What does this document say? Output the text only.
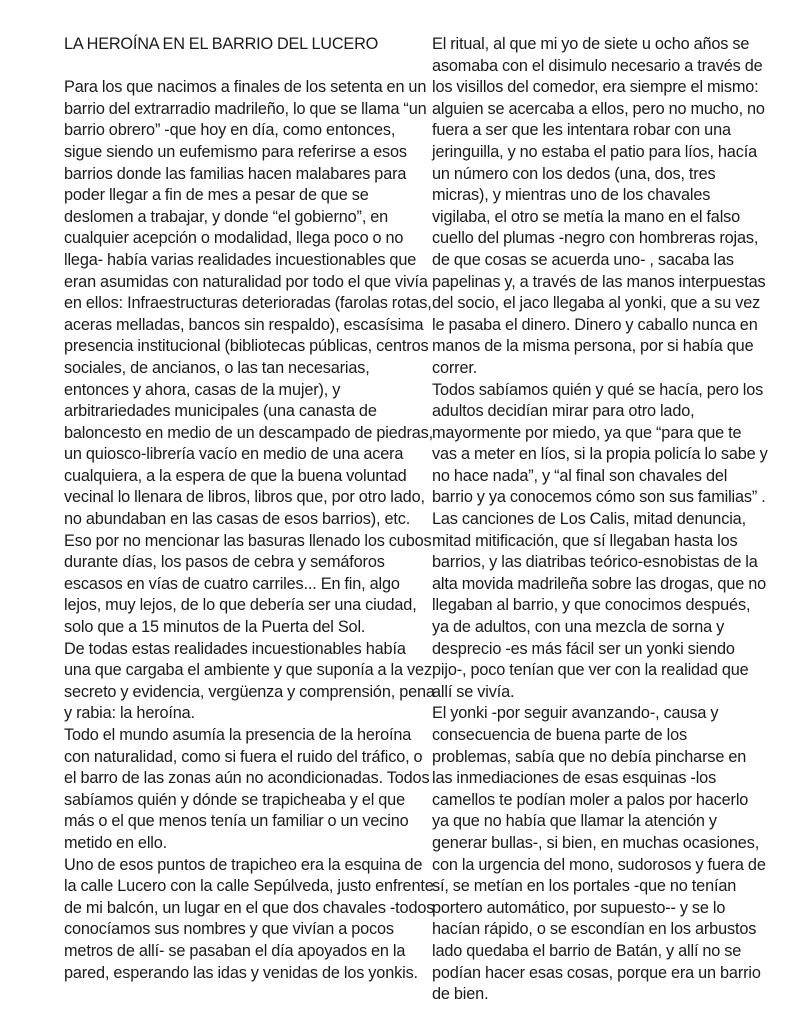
LA HEROÍNA EN EL BARRIO DEL LUCERO

Para los que nacimos a finales de los setenta en un barrio del extrarradio madrileño, lo que se llama “un barrio obrero” -que hoy en día, como entonces, sigue siendo un eufemismo para referirse a esos barrios donde las familias hacen malabares para poder llegar a fin de mes a pesar de que se deslomen a trabajar, y donde “el gobierno”, en cualquier acepción o modalidad, llega poco o no llega- había varias realidades incuestionables que eran asumidas con naturalidad por todo el que vivía en ellos: Infraestructuras deterioradas (farolas rotas, aceras melladas, bancos sin respaldo), escasísima presencia institucional (bibliotecas públicas, centros sociales, de ancianos, o las tan necesarias, entonces y ahora, casas de la mujer), y arbitrariedades municipales (una canasta de baloncesto en medio de un descampado de piedras, un quiosco-librería vacío en medio de una acera cualquiera, a la espera de que la buena voluntad vecinal lo llenara de libros, libros que, por otro lado, no abundaban en las casas de esos barrios), etc.

Eso por no mencionar las basuras llenado los cubos durante días, los pasos de cebra y semáforos escasos en vías de cuatro carriles... En fin, algo lejos, muy lejos, de lo que debería ser una ciudad, solo que a 15 minutos de la Puerta del Sol.

De todas estas realidades incuestionables había una que cargaba el ambiente y que suponía a la vez secreto y evidencia, vergüenza y comprensión, pena y rabia: la heroína.

Todo el mundo asumía la presencia de la heroína con naturalidad, como si fuera el ruido del tráfico, o el barro de las zonas aún no acondicionadas. Todos sabíamos quién y dónde se trapicheaba y el que más o el que menos tenía un familiar o un vecino metido en ello.

Uno de esos puntos de trapicheo era la esquina de la calle Lucero con la calle Sepúlveda, justo enfrente de mi balcón, un lugar en el que dos chavales -todos conocíamos sus nombres y que vivían a pocos metros de allí- se pasaban el día apoyados en la pared, esperando las idas y venidas de los yonkis.

El ritual, al que mi yo de siete u ocho años se asomaba con el disimulo necesario a través de los visillos del comedor, era siempre el mismo: alguien se acercaba a ellos, pero no mucho, no fuera a ser que les intentara robar con una jeringuilla, y no estaba el patio para líos, hacía un número con los dedos (una, dos, tres micras), y mientras uno de los chavales vigilaba, el otro se metía la mano en el falso cuello del plumas -negro con hombreras rojas, de que cosas se acuerda uno- , sacaba las papelinas y, a través de las manos interpuestas del socio, el jaco llegaba al yonki, que a su vez le pasaba el dinero. Dinero y caballo nunca en manos de la misma persona, por si había que correr.

Todos sabíamos quién y qué se hacía, pero los adultos decidían mirar para otro lado, mayormente por miedo, ya que “para que te vas a meter en líos, si la propia policía lo sabe y no hace nada”, y “al final son chavales del barrio y ya conocemos cómo son sus familias” . Las canciones de Los Calis, mitad denuncia, mitad mitificación, que sí llegaban hasta los barrios, y las diatribas teórico-esnobistas de la alta movida madrileña sobre las drogas, que no llegaban al barrio, y que conocimos después, ya de adultos, con una mezcla de sorna y desprecio -es más fácil ser un yonki siendo pijo-, poco tenían que ver con la realidad que allí se vivía.

El yonki -por seguir avanzando-, causa y consecuencia de buena parte de los problemas, sabía que no debía pincharse en las inmediaciones de esas esquinas -los camellos te podían moler a palos por hacerlo ya que no había que llamar la atención y generar bullas-, si bien, en muchas ocasiones, con la urgencia del mono, sudorosos y fuera de sí, se metían en los portales -que no tenían portero automático, por supuesto-- y se lo hacían rápido, o se escondían en los arbustos lado quedaba el barrio de Batán, y allí no se podían hacer esas cosas, porque era un barrio de bien.
